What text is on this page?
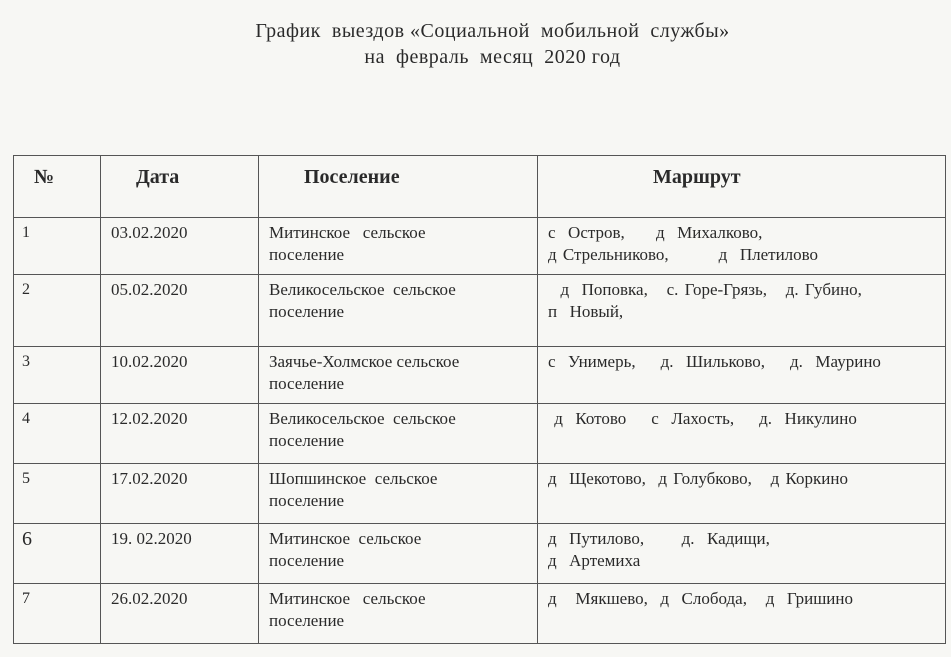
График  выездов «Социальной  мобильной  службы»
на  февраль  месяц  2020 год
№	Дата	Поселение	Маршрут
1	03.02.2020	Митинское   сельское
поселение	с  Остров,     д  Михалково,
д Стрельниково,        д  Плетилово
2	05.02.2020	Великосельское  сельское
поселение	д  Поповка,   с. Горе-Грязь,   д. Губино,
п  Новый,
3	10.02.2020	Заячье-Холмское сельское
поселение	с  Унимерь,    д.  Шильково,    д.  Маурино
4	12.02.2020	Великосельское  сельское
поселение	д  Котово    с  Лахость,    д.  Никулино
5	17.02.2020	Шопшинское  сельское
поселение	д  Щекотово,  д Голубково,   д Коркино
6	19. 02.2020	Митинское  сельское
поселение	д  Путилово,      д.  Кадищи,
д  Артемиха
7	26.02.2020	Митинское   сельское
поселение	д   Мякшево,  д  Слобода,   д  Гришино
